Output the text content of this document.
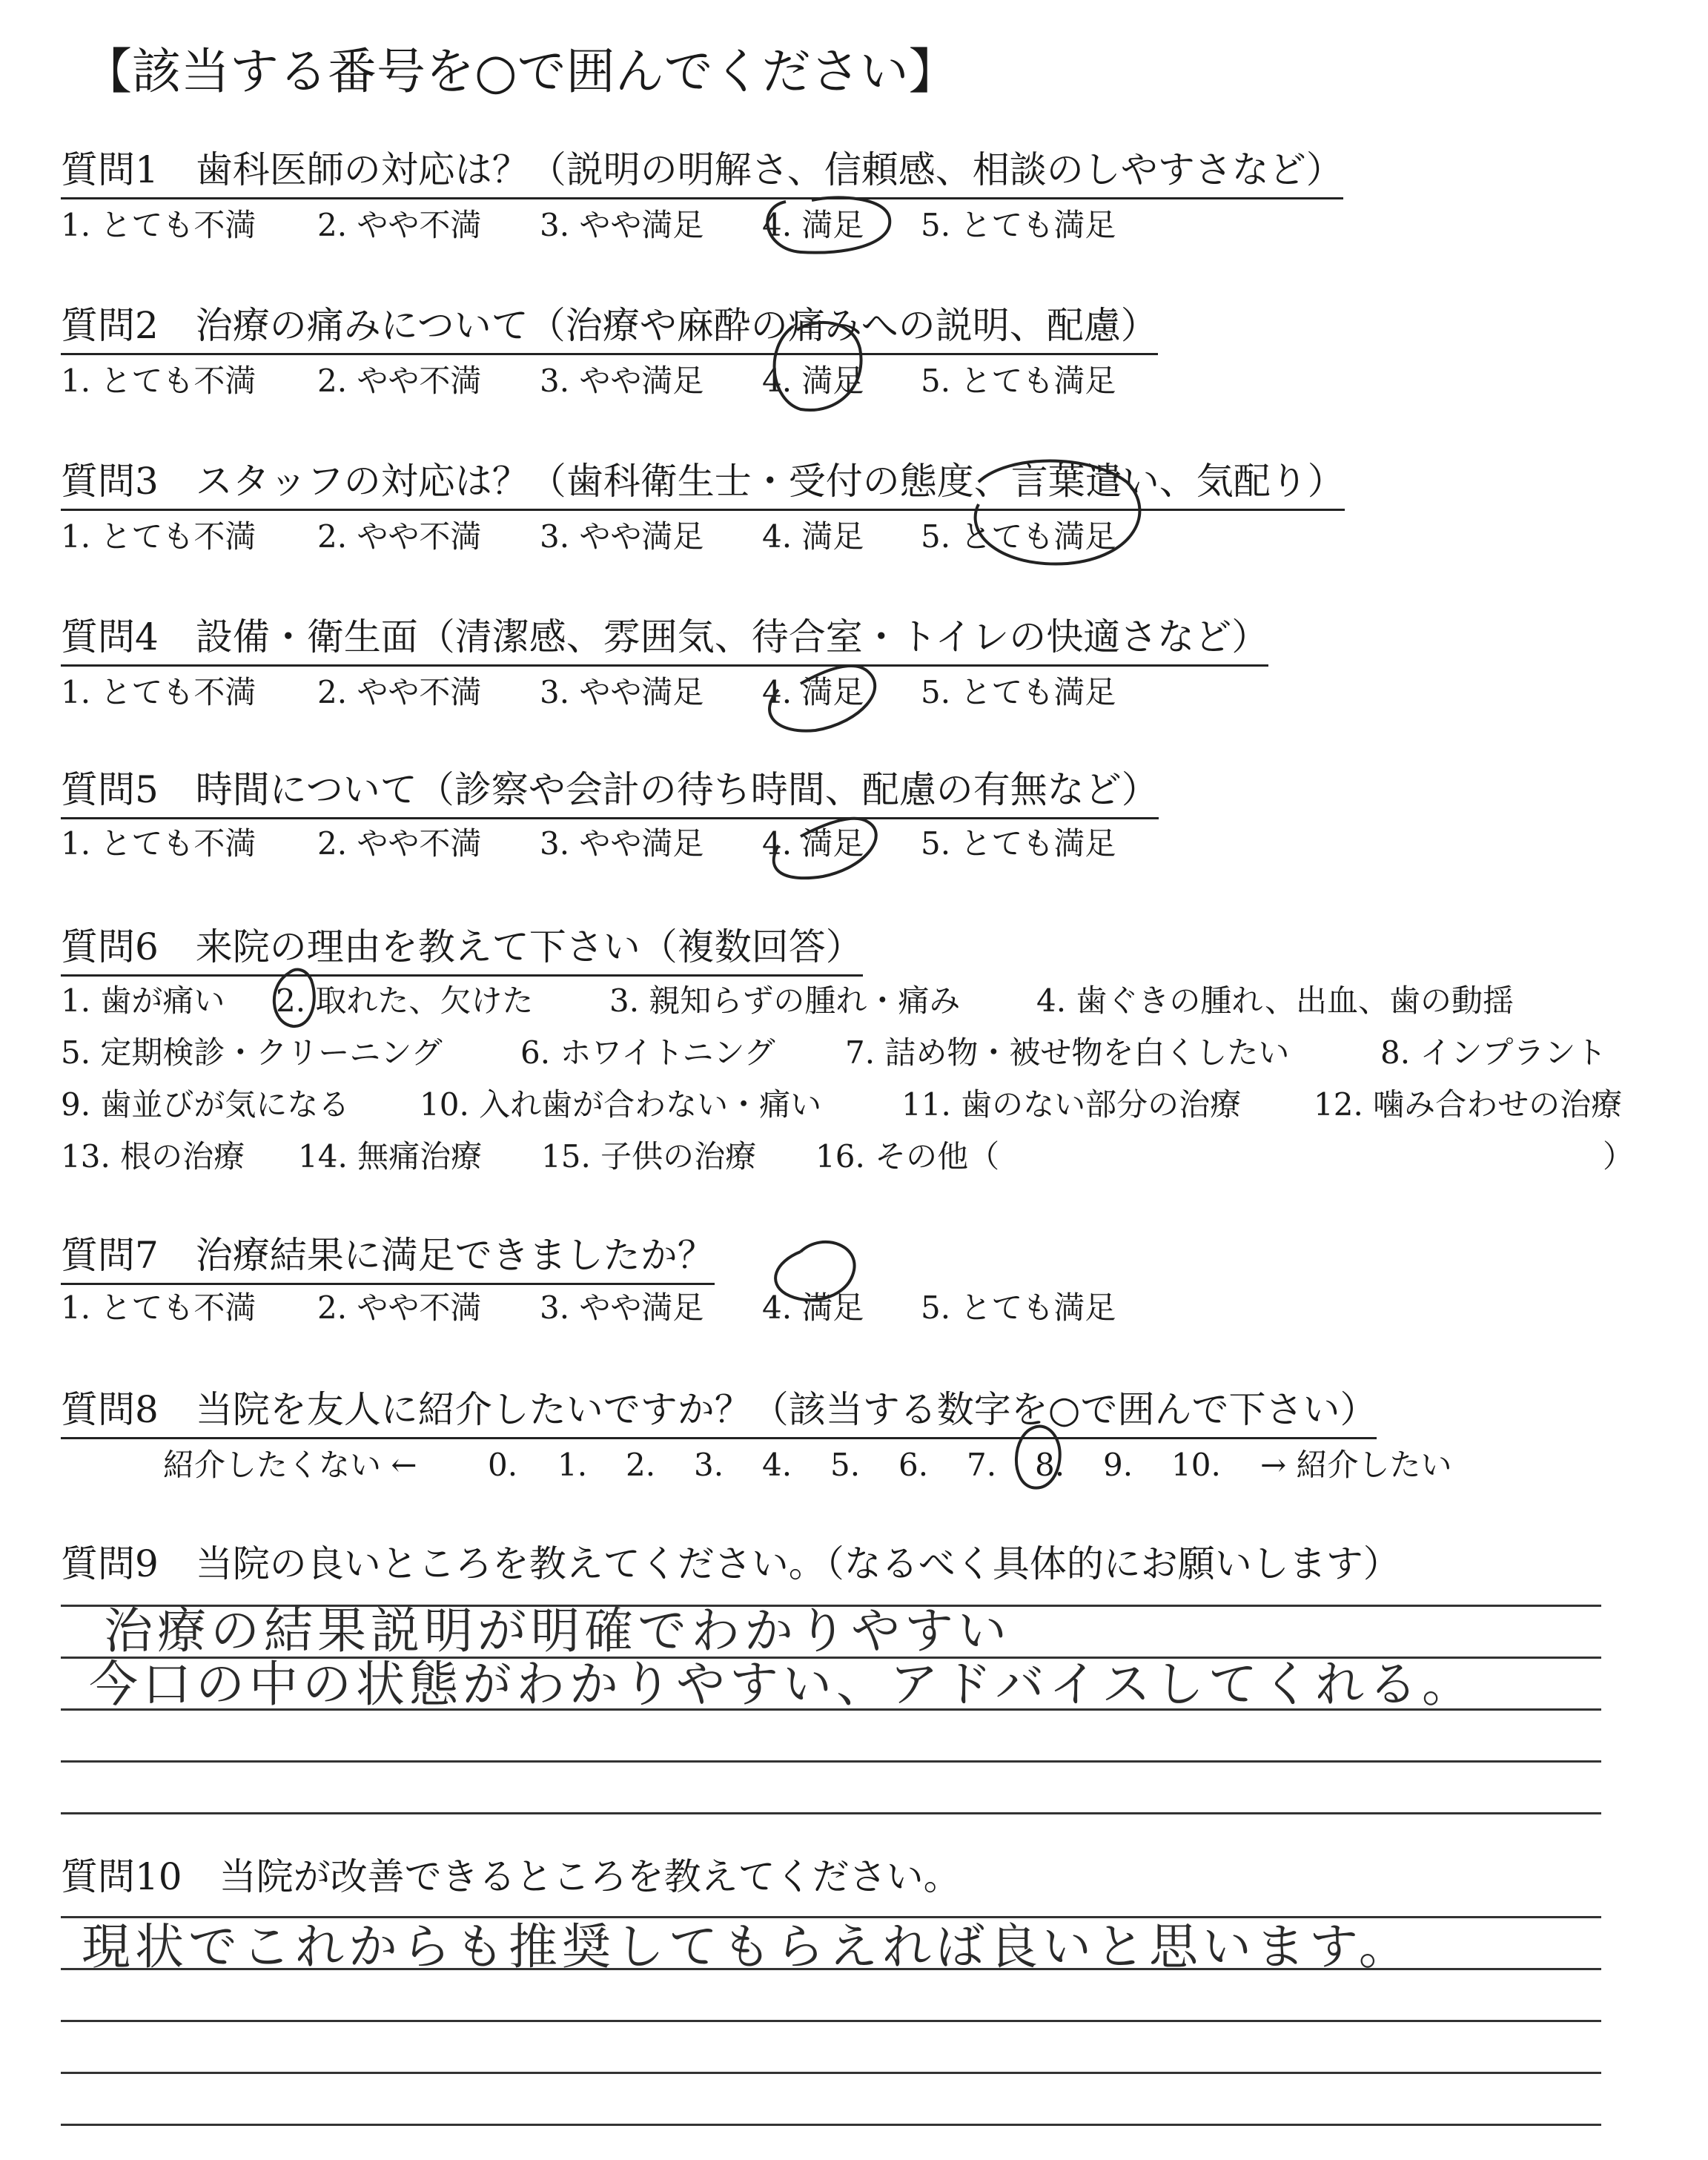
【該当する番号を○で囲んでください】
質問1　歯科医師の対応は？（説明の明解さ、信頼感、相談のしやすさなど）
1. とても不満 2. やや不満 3. やや満足 4. 満足 5. とても満足
質問2　治療の痛みについて（治療や麻酔の痛みへの説明、配慮）
1. とても不満 2. やや不満 3. やや満足 4. 満足 5. とても満足
質問3　スタッフの対応は？（歯科衛生士・受付の態度、言葉遣い、気配り）
1. とても不満 2. やや不満 3. やや満足 4. 満足 5. とても満足
質問4　設備・衛生面（清潔感、雰囲気、待合室・トイレの快適さなど）
1. とても不満 2. やや不満 3. やや満足 4. 満足 5. とても満足
質問5　時間について（診察や会計の待ち時間、配慮の有無など）
1. とても不満 2. やや不満 3. やや満足 4. 満足 5. とても満足
質問6　来院の理由を教えて下さい（複数回答）
1. 歯が痛い 2. 取れた、欠けた 3. 親知らずの腫れ・痛み 4. 歯ぐきの腫れ、出血、歯の動揺
5. 定期検診・クリーニング	6. ホワイトニング 7. 詰め物・被せ物を白くしたい	8. インプラント
9. 歯並びが気になる 10. 入れ歯が合わない・痛い	11. 歯のない部分の治療 12. 噛み合わせの治療
13. 根の治療 14. 無痛治療 15. 子供の治療 16. その他（	）
質問7　治療結果に満足できましたか？
1. とても不満 2. やや不満 3. やや満足 4. 満足 5. とても満足
質問8　当院を友人に紹介したいですか？（該当する数字を○で囲んで下さい）
紹介したくない ← 0. 1. 2. 3. 4. 5. 6. 7. 8. 9. 10. → 紹介したい
質問9　当院の良いところを教えてください。（なるべく具体的にお願いします）
治療の結果説明が明確でわかりやすい
今口の中の状態がわかりやすい、アドバイスしてくれる。
質問10　当院が改善できるところを教えてください。
現状でこれからも推奨してもらえれば良いと思います。
